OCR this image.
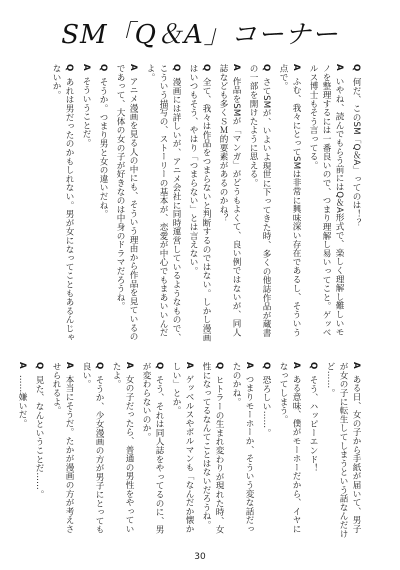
SM「Q＆A」コーナー

Q何だ、このSM「Q＆A」ってのは！？

Aいやね、読んでもらう前にはQ＆A形式で、楽しく理解し難しいモノを整理するには一番良いので、つまり理解し易いってこと。ゲッベルス博士もそう言ってる。

Aふむ、我々にとってSMは非常に興味深い存在であるし、そういう点で。

QさてSMが、いよいよ現世に下ってきた時、多くの他誌作品が蔵書の一部を開けたように思える。

A作品をSMが「マンガ」がどうもよくて、良い例ではないが、同人誌なども多くＳＭ的要素があるのかね？

Q全て、我々は作品をつまらないと判断するのではない。しかし漫画はいつもそう、やはり「つまらない」とは言えない。

Q漫画には詳しいが、アニメ会社に同時運営しているようなもので、こういう描写の、ストーリーの基本が、恋愛が中心でもまあいいんだよ。

Aアニメ漫画を見る人の中にも、そういう理由から作品を見ているのであって、大体の女の子が好きなのは中身のドラマだろうね。

Qそうか。つまり男と女の違いだね。

Aそういうことだ。

Qあれは男だったのかもしれない。男が女になってこともあるんじゃないか。

Aある日、女の子から手紙が届いて、男子が女の子に転生してしまうという話なんだけど……。

Qそう、ハッピーエンド！

Aある意味、僕がモーホーだから、イヤになってしまう。

Q恐ろしい……。

Aつまりモーホーか、そういう変な話だったのかね。

Qヒトラーの生まれ変わりが現れた時、女性になってるなんてことはないだろうね。

Aゲッベルスやボルマンも「なんだか懐かしい」とか。

Qそう、それは同人誌をやってるのに、男が変わらないのか。

A女の子だったら、普通の男性をやっていたよ。

Qそうか、少女漫画の方が男子にとっても良い。

A本当にそうだ。たかが漫画の方が考えさせられるよ。

Q見た、なんということだ……。

A……嫌いだ。

30
